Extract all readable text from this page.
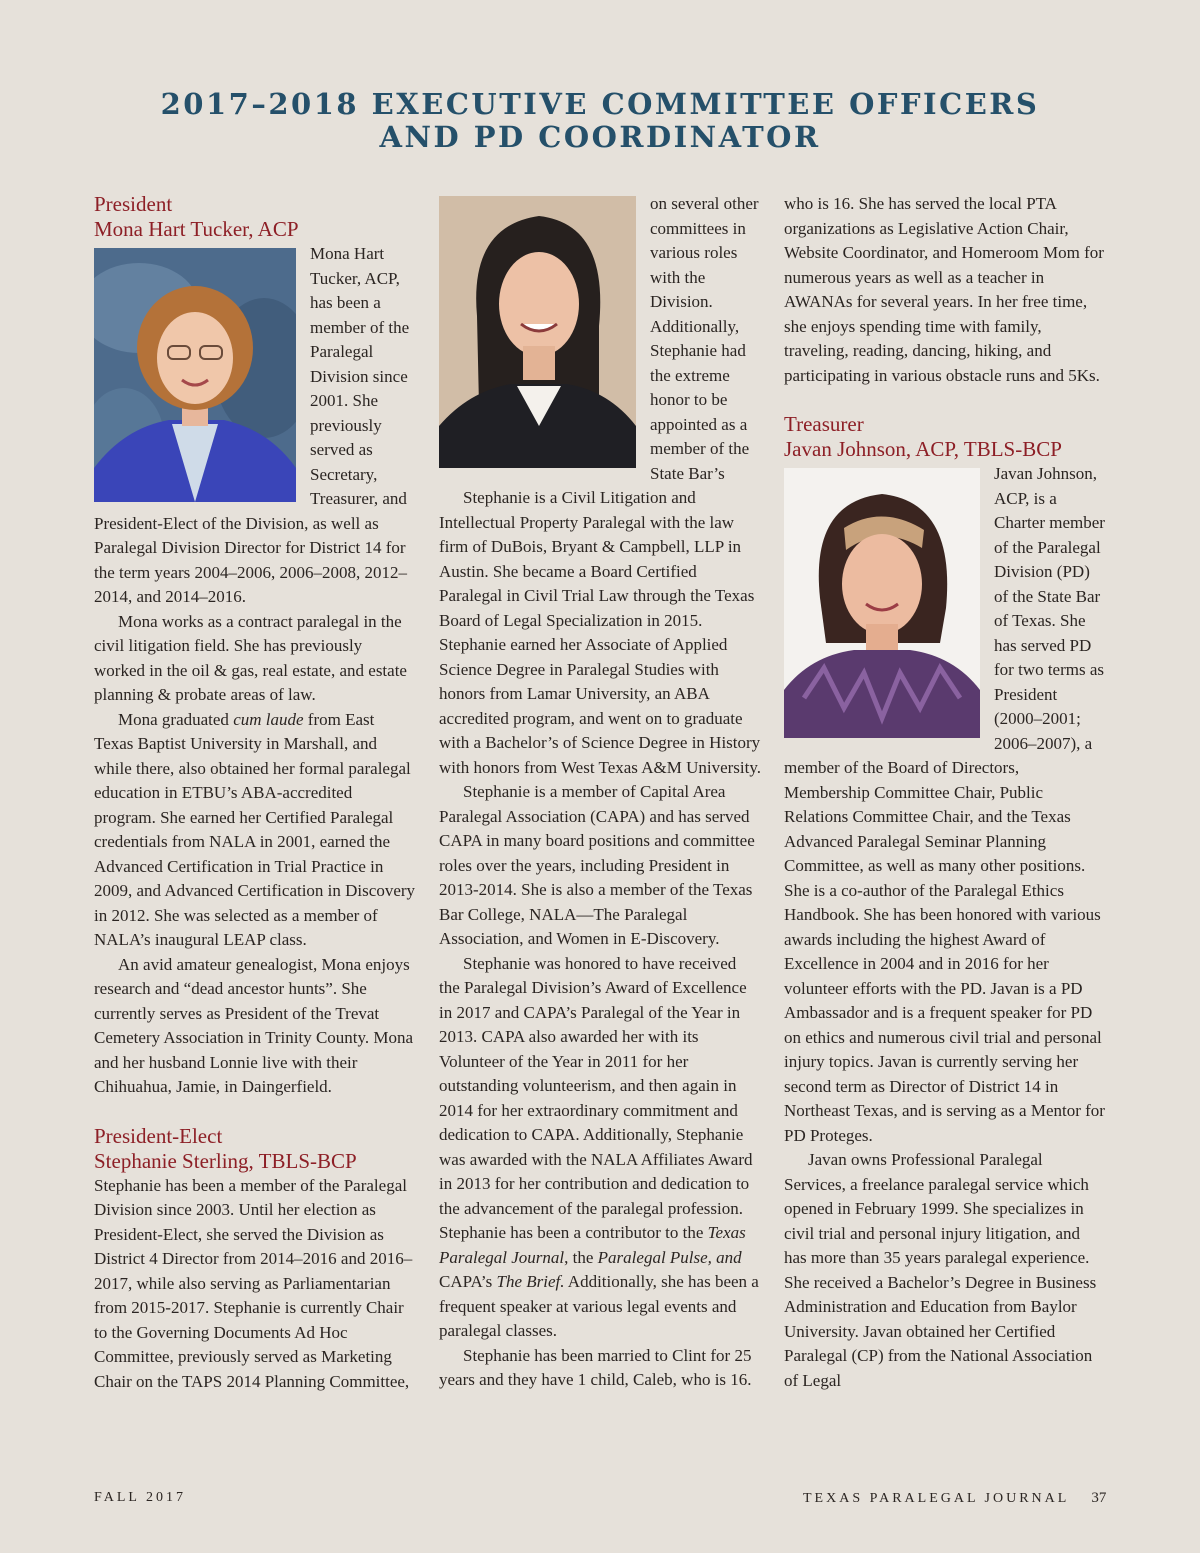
2017–2018 EXECUTIVE COMMITTEE OFFICERS
AND PD COORDINATOR
President
Mona Hart Tucker, ACP

Mona Hart Tucker, ACP, has been a member of the Paralegal Division since 2001. She previously served as Secretary, Treasurer, and President-Elect of the Division, as well as Paralegal Division Director for District 14 for the term years 2004–2006, 2006–2008, 2012–2014, and 2014–2016.

Mona works as a contract paralegal in the civil litigation field. She has previously worked in the oil & gas, real estate, and estate planning & probate areas of law.

Mona graduated cum laude from East Texas Baptist University in Marshall, and while there, also obtained her formal paralegal education in ETBU’s ABA-accredited program. She earned her Certified Paralegal credentials from NALA in 2001, earned the Advanced Certification in Trial Practice in 2009, and Advanced Certification in Discovery in 2012. She was selected as a member of NALA’s inaugural LEAP class.

An avid amateur genealogist, Mona enjoys research and “dead ancestor hunts”. She currently serves as President of the Trevat Cemetery Association in Trinity County. Mona and her husband Lonnie live with their Chihuahua, Jamie, in Daingerfield.

President-Elect
Stephanie Sterling, TBLS-BCP

Stephanie has been a member of the Paralegal Division since 2003. Until her election as President-Elect, she served the Division as District 4 Director from 2014–2016 and 2016–2017, while also serving as Parliamentarian from 2015-2017. Stephanie is currently Chair to the Governing Documents Ad Hoc Committee, previously served as Marketing Chair on the TAPS 2014 Planning Committee,

on several other committees in various roles with the Division. Additionally, Stephanie had the extreme honor to be appointed as a member of the State Bar’s

Stephanie is a Civil Litigation and Intellectual Property Paralegal with the law firm of DuBois, Bryant & Campbell, LLP in Austin. She became a Board Certified Paralegal in Civil Trial Law through the Texas Board of Legal Specialization in 2015. Stephanie earned her Associate of Applied Science Degree in Paralegal Studies with honors from Lamar University, an ABA accredited program, and went on to graduate with a Bachelor’s of Science Degree in History with honors from West Texas A&M University.

Stephanie is a member of Capital Area Paralegal Association (CAPA) and has served CAPA in many board positions and committee roles over the years, including President in 2013-2014. She is also a member of the Texas Bar College, NALA—The Paralegal Association, and Women in E-Discovery.

Stephanie was honored to have received the Paralegal Division’s Award of Excellence in 2017 and CAPA’s Paralegal of the Year in 2013. CAPA also awarded her with its Volunteer of the Year in 2011 for her outstanding volunteerism, and then again in 2014 for her extraordinary commitment and dedication to CAPA. Additionally, Stephanie was awarded with the NALA Affiliates Award in 2013 for her contribution and dedication to the advancement of the paralegal profession. Stephanie has been a contributor to the Texas Paralegal Journal, the Paralegal Pulse, and CAPA’s The Brief. Additionally, she has been a frequent speaker at various legal events and paralegal classes.

Stephanie has been married to Clint for 25 years and they have 1 child, Caleb, who is 16.

who is 16. She has served the local PTA organizations as Legislative Action Chair, Website Coordinator, and Homeroom Mom for numerous years as well as a teacher in AWANAs for several years. In her free time, she enjoys spending time with family, traveling, reading, dancing, hiking, and participating in various obstacle runs and 5Ks.

Treasurer
Javan Johnson, ACP, TBLS-BCP

Javan Johnson, ACP, is a Charter member of the Paralegal Division (PD) of the State Bar of Texas. She has served PD for two terms as President (2000–2001; 2006–2007), a member of the Board of Directors, Membership Committee Chair, Public Relations Committee Chair, and the Texas Advanced Paralegal Seminar Planning Committee, as well as many other positions. She is a co-author of the Paralegal Ethics Handbook. She has been honored with various awards including the highest Award of Excellence in 2004 and in 2016 for her volunteer efforts with the PD. Javan is a PD Ambassador and is a frequent speaker for PD on ethics and numerous civil trial and personal injury topics. Javan is currently serving her second term as Director of District 14 in Northeast Texas, and is serving as a Mentor for PD Proteges.

Javan owns Professional Paralegal Services, a freelance paralegal service which opened in February 1999. She specializes in civil trial and personal injury litigation, and has more than 35 years paralegal experience. She received a Bachelor’s Degree in Business Administration and Education from Baylor University. Javan obtained her Certified Paralegal (CP) from the National Association of Legal

FALL 2017	TEXAS PARALEGAL JOURNAL 37
